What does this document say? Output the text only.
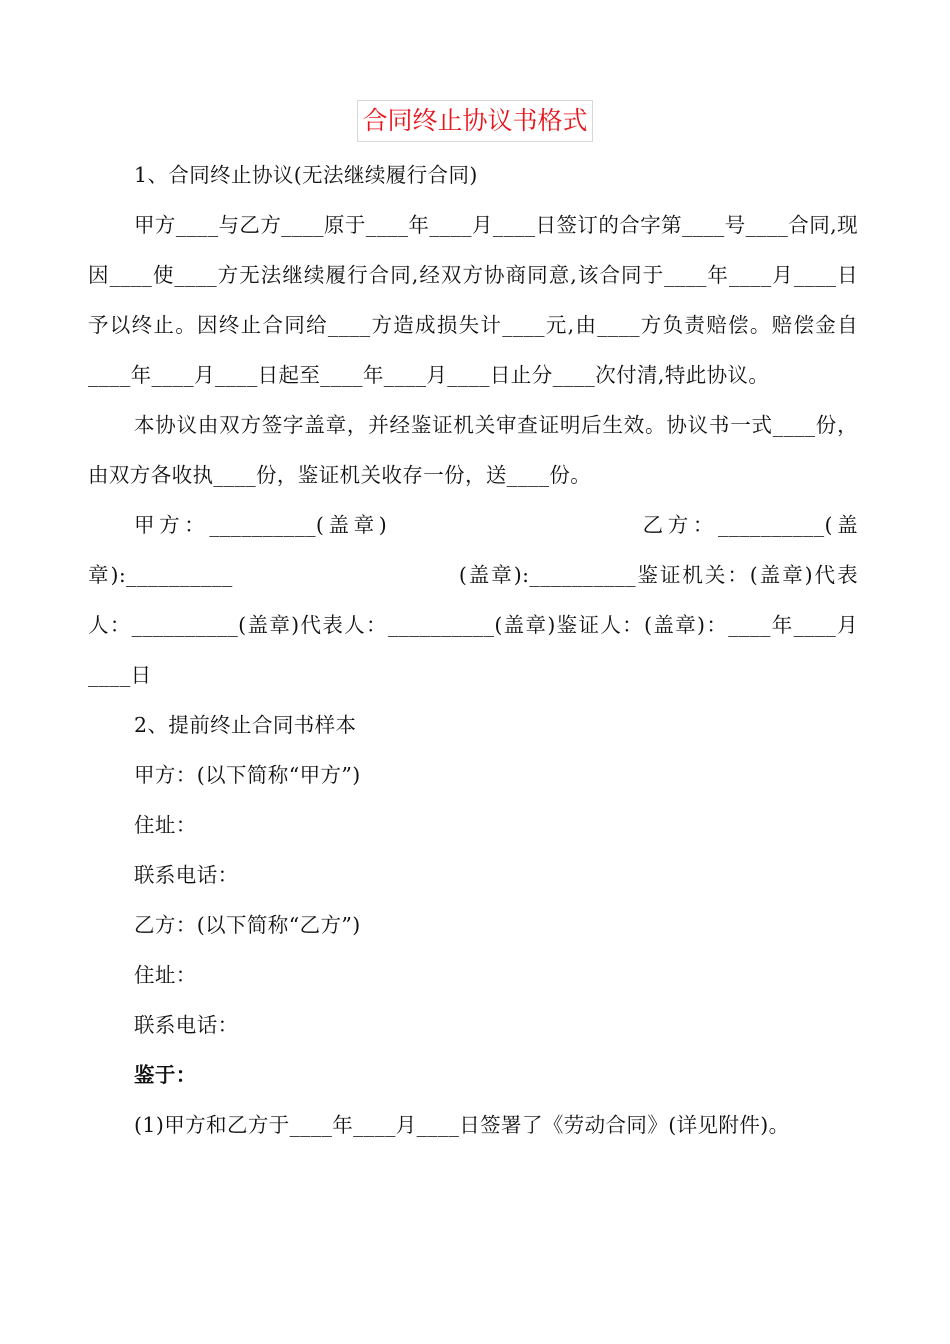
合同终止协议书格式

1、合同终止协议(无法继续履行合同)

甲方____与乙方____原于____年____月____日签订的合字第____号____合同,现因____使____方无法继续履行合同,经双方协商同意,该合同于____年____月____日予以终止。因终止合同给____方造成损失计____元,由____方负责赔偿。赔偿金自____年____月____日起至____年____月____日止分____次付清,特此协议。

本协议由双方签字盖章，并经鉴证机关审查证明后生效。协议书一式____份，由双方各收执____份，鉴证机关收存一份，送____份。

甲方：__________(盖章)　　　　　　　　　　乙方：__________(盖章):__________　　　　　　　　　　(盖章):__________鉴证机关：(盖章)代表人：__________(盖章)代表人：__________(盖章)鉴证人：(盖章)：____年____月____日

2、提前终止合同书样本

甲方：(以下简称“甲方”)

住址：

联系电话：

乙方：(以下简称“乙方”)

住址：

联系电话：

鉴于：

(1)甲方和乙方于____年____月____日签署了《劳动合同》(详见附件)。
